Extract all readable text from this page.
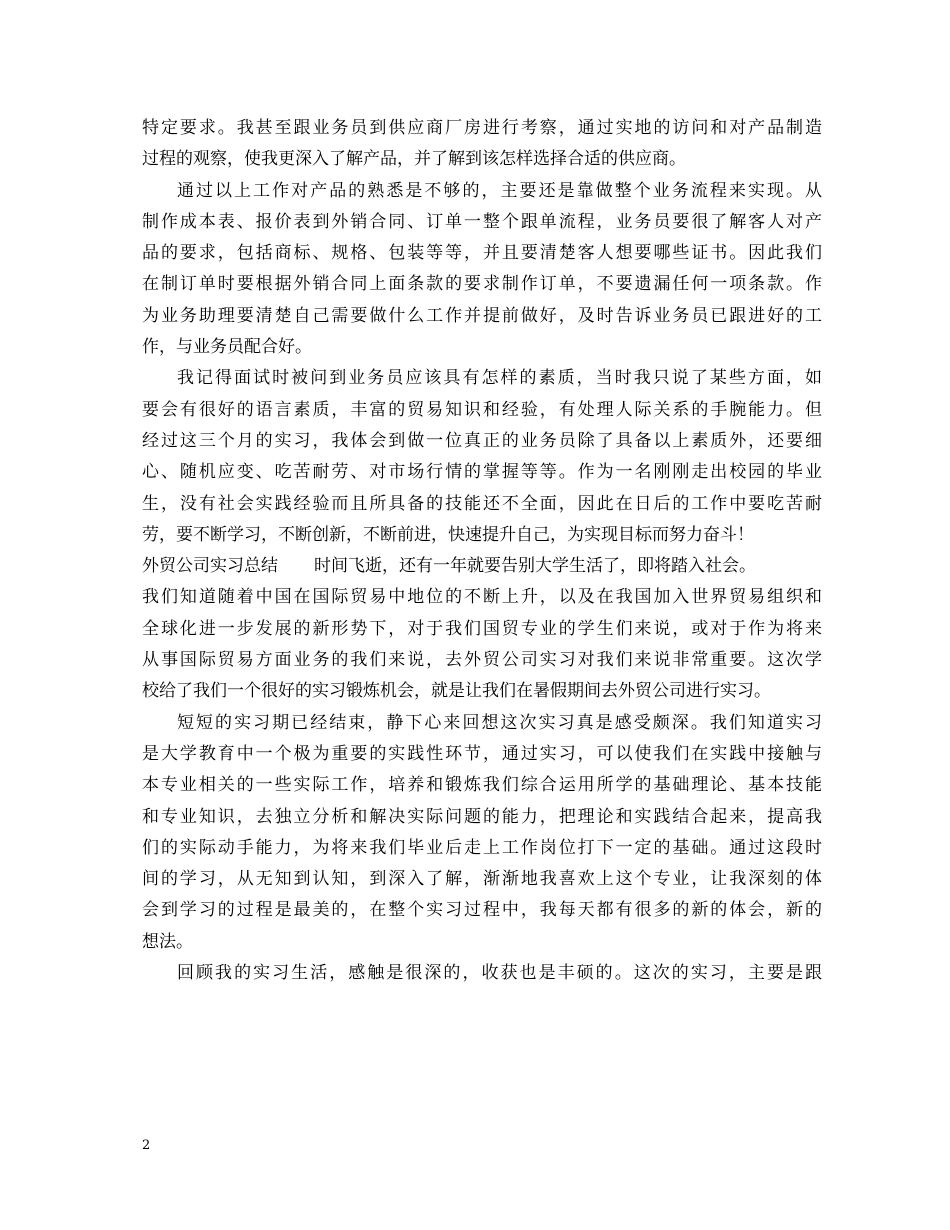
特定要求。我甚至跟业务员到供应商厂房进行考察，通过实地的访问和对产品制造
过程的观察，使我更深入了解产品，并了解到该怎样选择合适的供应商。
通过以上工作对产品的熟悉是不够的，主要还是靠做整个业务流程来实现。从
制作成本表、报价表到外销合同、订单一整个跟单流程，业务员要很了解客人对产
品的要求，包括商标、规格、包装等等，并且要清楚客人想要哪些证书。因此我们
在制订单时要根据外销合同上面条款的要求制作订单，不要遗漏任何一项条款。作
为业务助理要清楚自己需要做什么工作并提前做好，及时告诉业务员已跟进好的工
作，与业务员配合好。
我记得面试时被问到业务员应该具有怎样的素质，当时我只说了某些方面，如
要会有很好的语言素质，丰富的贸易知识和经验，有处理人际关系的手腕能力。但
经过这三个月的实习，我体会到做一位真正的业务员除了具备以上素质外，还要细
心、随机应变、吃苦耐劳、对市场行情的掌握等等。作为一名刚刚走出校园的毕业
生，没有社会实践经验而且所具备的技能还不全面，因此在日后的工作中要吃苦耐
劳，要不断学习，不断创新，不断前进，快速提升自己，为实现目标而努力奋斗！
外贸公司实习总结 时间飞逝，还有一年就要告别大学生活了，即将踏入社会。
我们知道随着中国在国际贸易中地位的不断上升，以及在我国加入世界贸易组织和
全球化进一步发展的新形势下，对于我们国贸专业的学生们来说，或对于作为将来
从事国际贸易方面业务的我们来说，去外贸公司实习对我们来说非常重要。这次学
校给了我们一个很好的实习锻炼机会，就是让我们在暑假期间去外贸公司进行实习。
短短的实习期已经结束，静下心来回想这次实习真是感受颇深。我们知道实习
是大学教育中一个极为重要的实践性环节，通过实习，可以使我们在实践中接触与
本专业相关的一些实际工作，培养和锻炼我们综合运用所学的基础理论、基本技能
和专业知识，去独立分析和解决实际问题的能力，把理论和实践结合起来，提高我
们的实际动手能力，为将来我们毕业后走上工作岗位打下一定的基础。通过这段时
间的学习，从无知到认知，到深入了解，渐渐地我喜欢上这个专业，让我深刻的体
会到学习的过程是最美的，在整个实习过程中，我每天都有很多的新的体会，新的
想法。
回顾我的实习生活，感触是很深的，收获也是丰硕的。这次的实习，主要是跟
2
